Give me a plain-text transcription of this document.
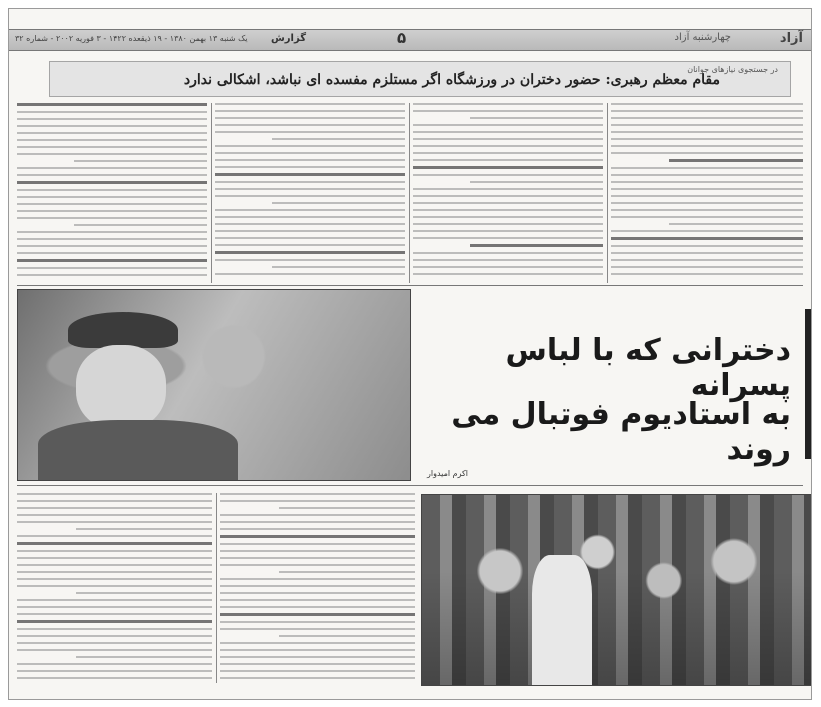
آزاد
چهارشنبه آزاد
۵
گزارش
یک شنبه ۱۳ بهمن ۱۳۸۰ - ۱۹ ذیقعده ۱۴۲۲ - ۳ فوریه ۲۰۰۲ - شماره ۳۲
در جستجوی نیازهای جوانان
مقام معظم رهبری: حضور دختران در ورزشگاه اگر مستلزم مفسده ای نباشد، اشکالی ندارد
دخترانی که با لباس پسرانه
به استادیوم فوتبال می روند
اکرم امیدوار
